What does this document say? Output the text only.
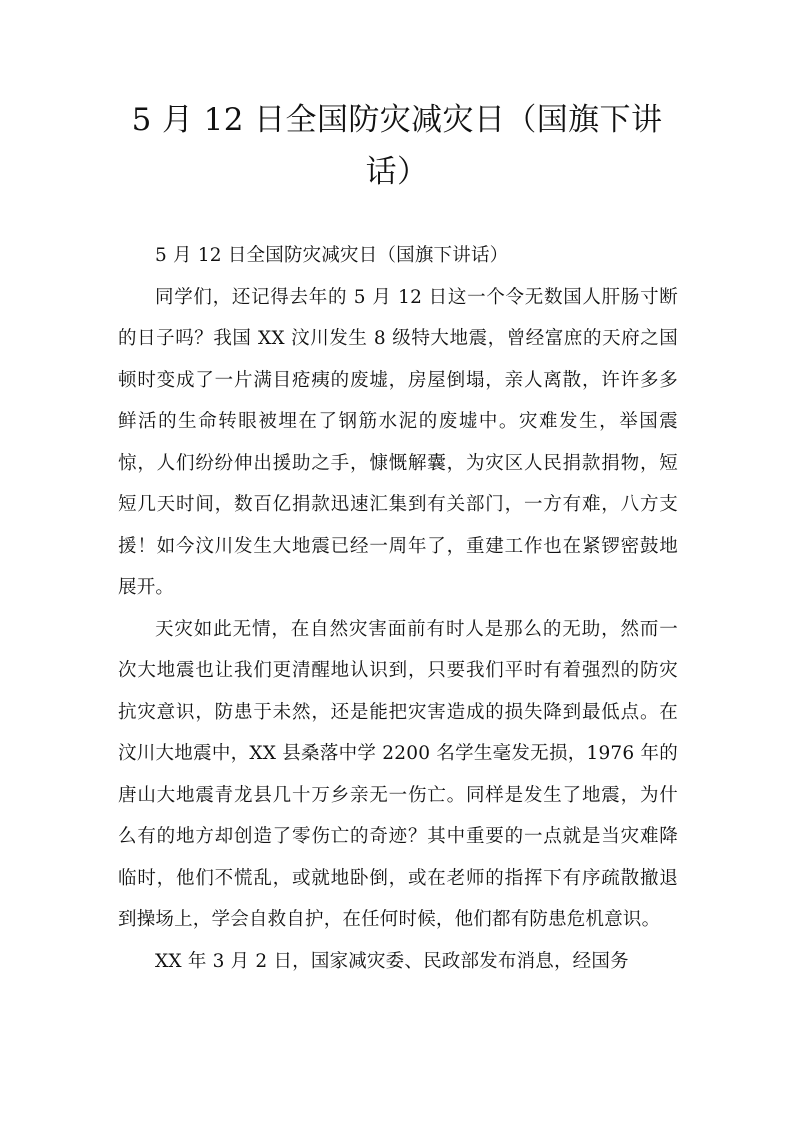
5 月 12 日全国防灾减灾日（国旗下讲话）

5 月 12 日全国防灾减灾日（国旗下讲话）

同学们，还记得去年的 5 月 12 日这一个令无数国人肝肠寸断的日子吗？我国 XX 汶川发生 8 级特大地震，曾经富庶的天府之国顿时变成了一片满目疮痍的废墟，房屋倒塌，亲人离散，许许多多鲜活的生命转眼被埋在了钢筋水泥的废墟中。灾难发生，举国震惊，人们纷纷伸出援助之手，慷慨解囊，为灾区人民捐款捐物，短短几天时间，数百亿捐款迅速汇集到有关部门，一方有难，八方支援！如今汶川发生大地震已经一周年了，重建工作也在紧锣密鼓地展开。

天灾如此无情，在自然灾害面前有时人是那么的无助，然而一次大地震也让我们更清醒地认识到，只要我们平时有着强烈的防灾抗灾意识，防患于未然，还是能把灾害造成的损失降到最低点。在汶川大地震中，XX 县桑落中学 2200 名学生毫发无损，1976 年的唐山大地震青龙县几十万乡亲无一伤亡。同样是发生了地震，为什么有的地方却创造了零伤亡的奇迹？其中重要的一点就是当灾难降临时，他们不慌乱，或就地卧倒，或在老师的指挥下有序疏散撤退到操场上，学会自救自护，在任何时候，他们都有防患危机意识。

XX 年 3 月 2 日，国家减灾委、民政部发布消息，经国务
